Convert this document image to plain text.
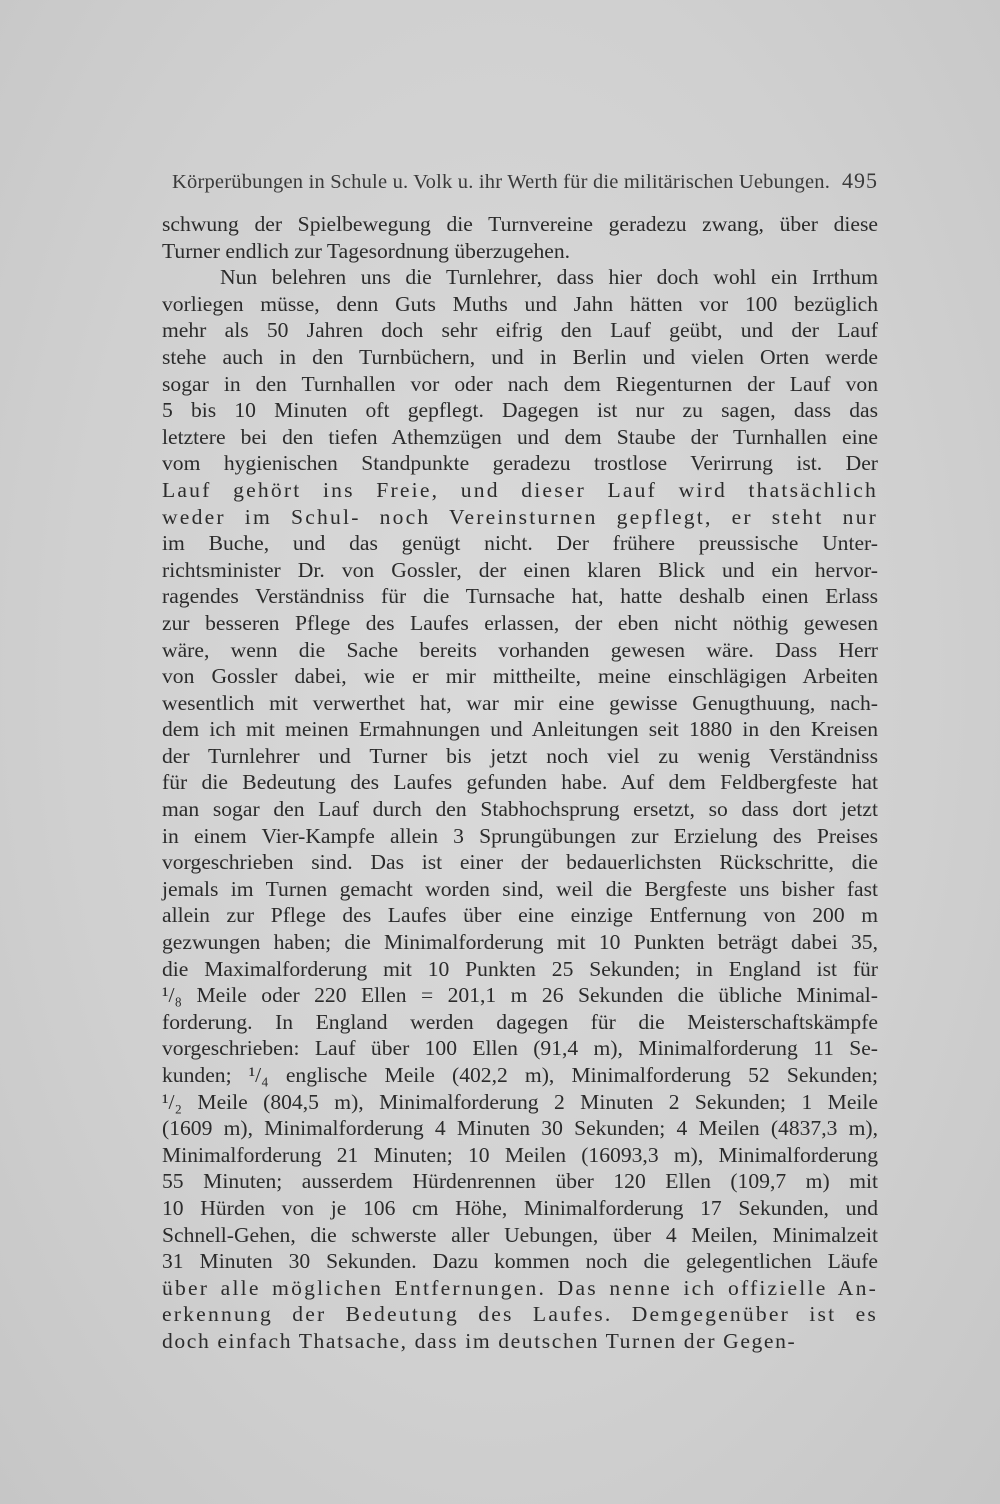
Körperübungen in Schule u. Volk u. ihr Werth für die militärischen Uebungen. 495
schwung der Spielbewegung die Turnvereine geradezu zwang, über diese
Turner endlich zur Tagesordnung überzugehen.
Nun belehren uns die Turnlehrer, dass hier doch wohl ein Irrthum
vorliegen müsse, denn Guts Muths und Jahn hätten vor 100 bezüglich
mehr als 50 Jahren doch sehr eifrig den Lauf geübt, und der Lauf
stehe auch in den Turnbüchern, und in Berlin und vielen Orten werde
sogar in den Turnhallen vor oder nach dem Riegenturnen der Lauf von
5 bis 10 Minuten oft gepflegt. Dagegen ist nur zu sagen, dass das
letztere bei den tiefen Athemzügen und dem Staube der Turnhallen eine
vom hygienischen Standpunkte geradezu trostlose Verirrung ist. Der
Lauf gehört ins Freie, und dieser Lauf wird thatsächlich
weder im Schul- noch Vereinsturnen gepflegt, er steht nur
im Buche, und das genügt nicht. Der frühere preussische Unter-
richtsminister Dr. von Gossler, der einen klaren Blick und ein hervor-
ragendes Verständniss für die Turnsache hat, hatte deshalb einen Erlass
zur besseren Pflege des Laufes erlassen, der eben nicht nöthig gewesen
wäre, wenn die Sache bereits vorhanden gewesen wäre. Dass Herr
von Gossler dabei, wie er mir mittheilte, meine einschlägigen Arbeiten
wesentlich mit verwerthet hat, war mir eine gewisse Genugthuung, nach-
dem ich mit meinen Ermahnungen und Anleitungen seit 1880 in den Kreisen
der Turnlehrer und Turner bis jetzt noch viel zu wenig Verständniss
für die Bedeutung des Laufes gefunden habe. Auf dem Feldbergfeste hat
man sogar den Lauf durch den Stabhochsprung ersetzt, so dass dort jetzt
in einem Vier-Kampfe allein 3 Sprungübungen zur Erzielung des Preises
vorgeschrieben sind. Das ist einer der bedauerlichsten Rückschritte, die
jemals im Turnen gemacht worden sind, weil die Bergfeste uns bisher fast
allein zur Pflege des Laufes über eine einzige Entfernung von 200 m
gezwungen haben; die Minimalforderung mit 10 Punkten beträgt dabei 35,
die Maximalforderung mit 10 Punkten 25 Sekunden; in England ist für
¹/₈ Meile oder 220 Ellen = 201,1 m 26 Sekunden die übliche Minimal-
forderung. In England werden dagegen für die Meisterschaftskämpfe
vorgeschrieben: Lauf über 100 Ellen (91,4 m), Minimalforderung 11 Se-
kunden; ¹/₄ englische Meile (402,2 m), Minimalforderung 52 Sekunden;
¹/₂ Meile (804,5 m), Minimalforderung 2 Minuten 2 Sekunden; 1 Meile
(1609 m), Minimalforderung 4 Minuten 30 Sekunden; 4 Meilen (4837,3 m),
Minimalforderung 21 Minuten; 10 Meilen (16093,3 m), Minimalforderung
55 Minuten; ausserdem Hürdenrennen über 120 Ellen (109,7 m) mit
10 Hürden von je 106 cm Höhe, Minimalforderung 17 Sekunden, und
Schnell-Gehen, die schwerste aller Uebungen, über 4 Meilen, Minimalzeit
31 Minuten 30 Sekunden. Dazu kommen noch die gelegentlichen Läufe
über alle möglichen Entfernungen. Das nenne ich offizielle An-
erkennung der Bedeutung des Laufes. Demgegenüber ist es
doch einfach Thatsache, dass im deutschen Turnen der Gegen-
